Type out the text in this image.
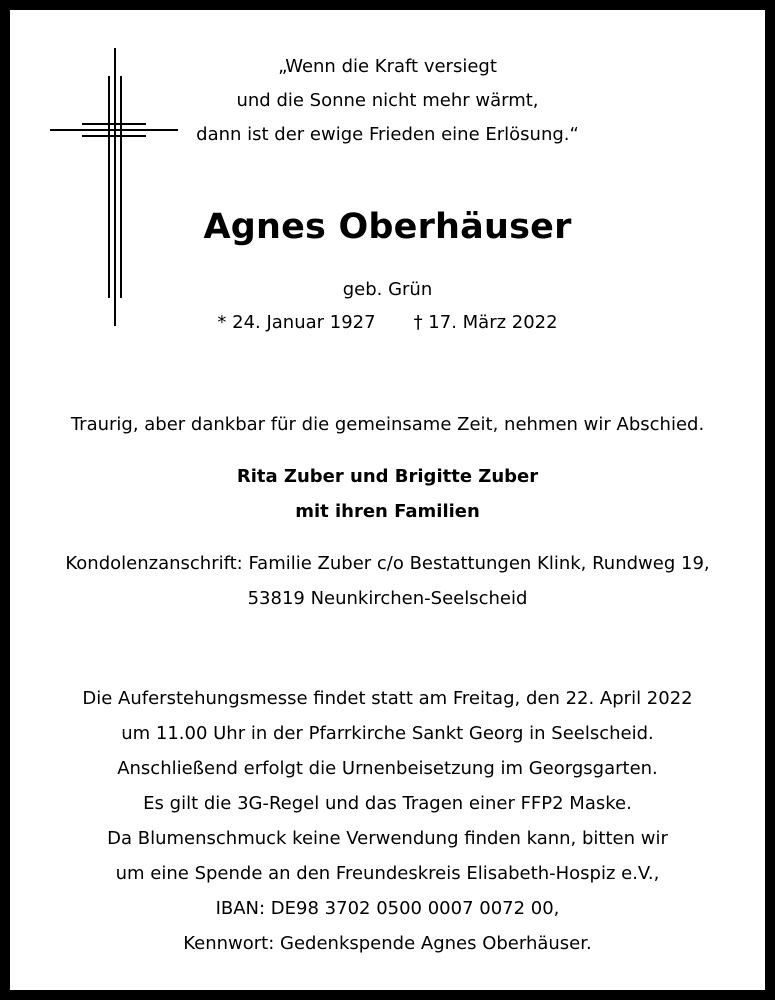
„Wenn die Kraft versiegt
und die Sonne nicht mehr wärmt,
dann ist der ewige Frieden eine Erlösung.“
Agnes Oberhäuser
geb. Grün
* 24. Januar 1927 † 17. März 2022
Traurig, aber dankbar für die gemeinsame Zeit, nehmen wir Abschied.
Rita Zuber und Brigitte Zuber
mit ihren Familien
Kondolenzanschrift: Familie Zuber c/o Bestattungen Klink, Rundweg 19,
53819 Neunkirchen-Seelscheid
Die Auferstehungsmesse findet statt am Freitag, den 22. April 2022
um 11.00 Uhr in der Pfarrkirche Sankt Georg in Seelscheid.
Anschließend erfolgt die Urnenbeisetzung im Georgsgarten.
Es gilt die 3G-Regel und das Tragen einer FFP2 Maske.
Da Blumenschmuck keine Verwendung finden kann, bitten wir
um eine Spende an den Freundeskreis Elisabeth-Hospiz e.V.,
IBAN: DE98 3702 0500 0007 0072 00,
Kennwort: Gedenkspende Agnes Oberhäuser.
